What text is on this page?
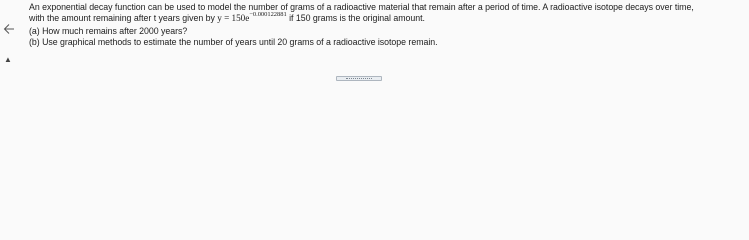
▲
An exponential decay function can be used to model the number of grams of a radioactive material that remain after a period of time. A radioactive isotope decays over time,
with the amount remaining after t years given by $y = 150e^{-0.000122881}$ if 150 grams is the original amount.
(a) How much remains after 2000 years?
(b) Use graphical methods to estimate the number of years until 20 grams of a radioactive isotope remain.
